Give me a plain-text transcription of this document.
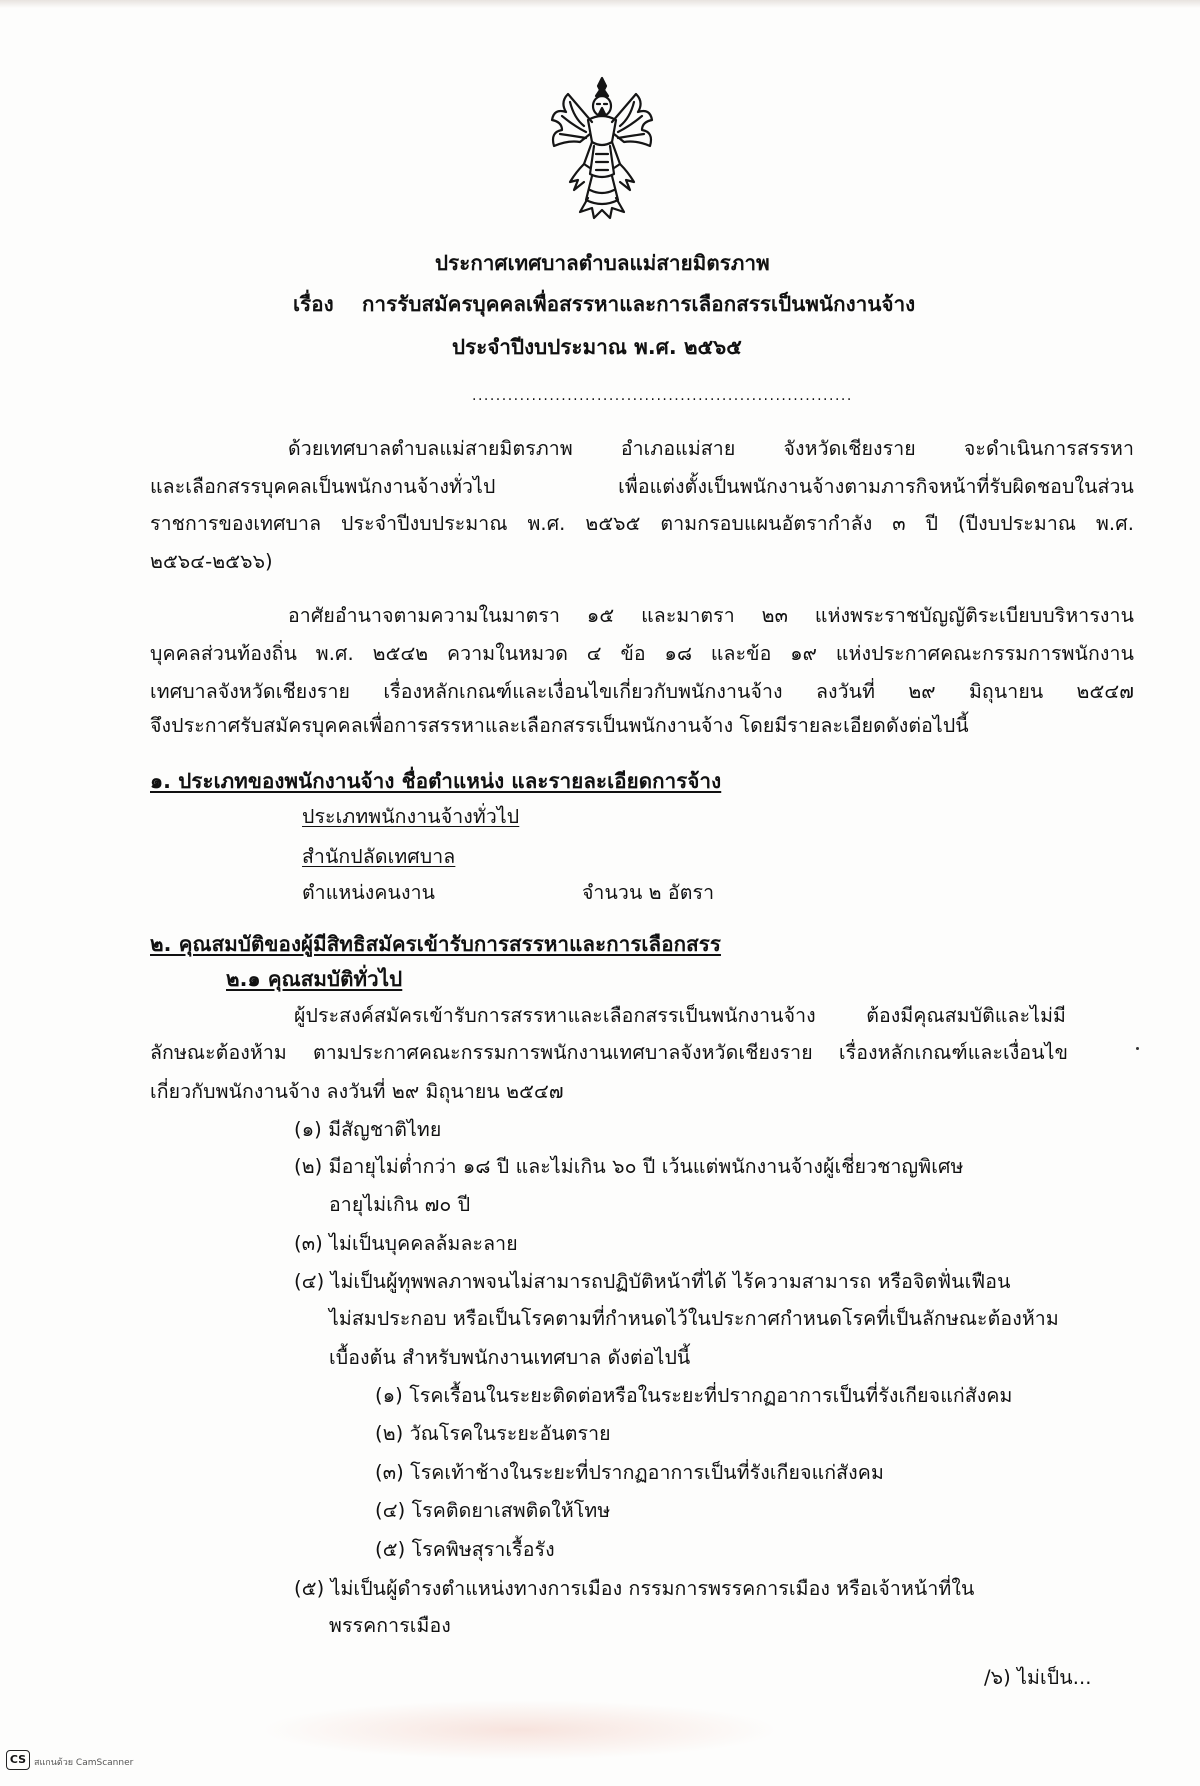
ประกาศเทศบาลตำบลแม่สายมิตรภาพ
เรื่อง การรับสมัครบุคคลเพื่อสรรหาและการเลือกสรรเป็นพนักงานจ้าง
ประจำปีงบประมาณ พ.ศ. ๒๕๖๕
................................................................
ด้วยเทศบาลตำบลแม่สายมิตรภาพ อำเภอแม่สาย จังหวัดเชียงราย จะดำเนินการสรรหา
และเลือกสรรบุคคลเป็นพนักงานจ้างทั่วไป เพื่อแต่งตั้งเป็นพนักงานจ้างตามภารกิจหน้าที่รับผิดชอบในส่วน
ราชการของเทศบาล ประจำปีงบประมาณ พ.ศ. ๒๕๖๕ ตามกรอบแผนอัตรากำลัง ๓ ปี (ปีงบประมาณ พ.ศ.
๒๕๖๔-๒๕๖๖)
อาศัยอำนาจตามความในมาตรา ๑๕ และมาตรา ๒๓ แห่งพระราชบัญญัติระเบียบบริหารงาน
บุคคลส่วนท้องถิ่น พ.ศ. ๒๕๔๒ ความในหมวด ๔ ข้อ ๑๘ และข้อ ๑๙ แห่งประกาศคณะกรรมการพนักงาน
เทศบาลจังหวัดเชียงราย เรื่องหลักเกณฑ์และเงื่อนไขเกี่ยวกับพนักงานจ้าง ลงวันที่ ๒๙ มิถุนายน ๒๕๔๗
จึงประกาศรับสมัครบุคคลเพื่อการสรรหาและเลือกสรรเป็นพนักงานจ้าง โดยมีรายละเอียดดังต่อไปนี้
๑. ประเภทของพนักงานจ้าง ชื่อตำแหน่ง และรายละเอียดการจ้าง
ประเภทพนักงานจ้างทั่วไป
สำนักปลัดเทศบาล
ตำแหน่งคนงาน	จำนวน ๒ อัตรา
๒. คุณสมบัติของผู้มีสิทธิสมัครเข้ารับการสรรหาและการเลือกสรร
๒.๑ คุณสมบัติทั่วไป
ผู้ประสงค์สมัครเข้ารับการสรรหาและเลือกสรรเป็นพนักงานจ้าง ต้องมีคุณสมบัติและไม่มี
ลักษณะต้องห้าม ตามประกาศคณะกรรมการพนักงานเทศบาลจังหวัดเชียงราย เรื่องหลักเกณฑ์และเงื่อนไข
เกี่ยวกับพนักงานจ้าง ลงวันที่ ๒๙ มิถุนายน ๒๕๔๗
(๑) มีสัญชาติไทย
(๒) มีอายุไม่ต่ำกว่า ๑๘ ปี และไม่เกิน ๖๐ ปี เว้นแต่พนักงานจ้างผู้เชี่ยวชาญพิเศษ
อายุไม่เกิน ๗๐ ปี
(๓) ไม่เป็นบุคคลล้มละลาย
(๔) ไม่เป็นผู้ทุพพลภาพจนไม่สามารถปฏิบัติหน้าที่ได้ ไร้ความสามารถ หรือจิตฟั่นเฟือน
ไม่สมประกอบ หรือเป็นโรคตามที่กำหนดไว้ในประกาศกำหนดโรคที่เป็นลักษณะต้องห้าม
เบื้องต้น สำหรับพนักงานเทศบาล ดังต่อไปนี้
(๑) โรคเรื้อนในระยะติดต่อหรือในระยะที่ปรากฏอาการเป็นที่รังเกียจแก่สังคม
(๒) วัณโรคในระยะอันตราย
(๓) โรคเท้าช้างในระยะที่ปรากฏอาการเป็นที่รังเกียจแก่สังคม
(๔) โรคติดยาเสพติดให้โทษ
(๕) โรคพิษสุราเรื้อรัง
(๕) ไม่เป็นผู้ดำรงตำแหน่งทางการเมือง กรรมการพรรคการเมือง หรือเจ้าหน้าที่ใน
พรรคการเมือง
/๖) ไม่เป็น...
CS สแกนด้วย CamScanner
